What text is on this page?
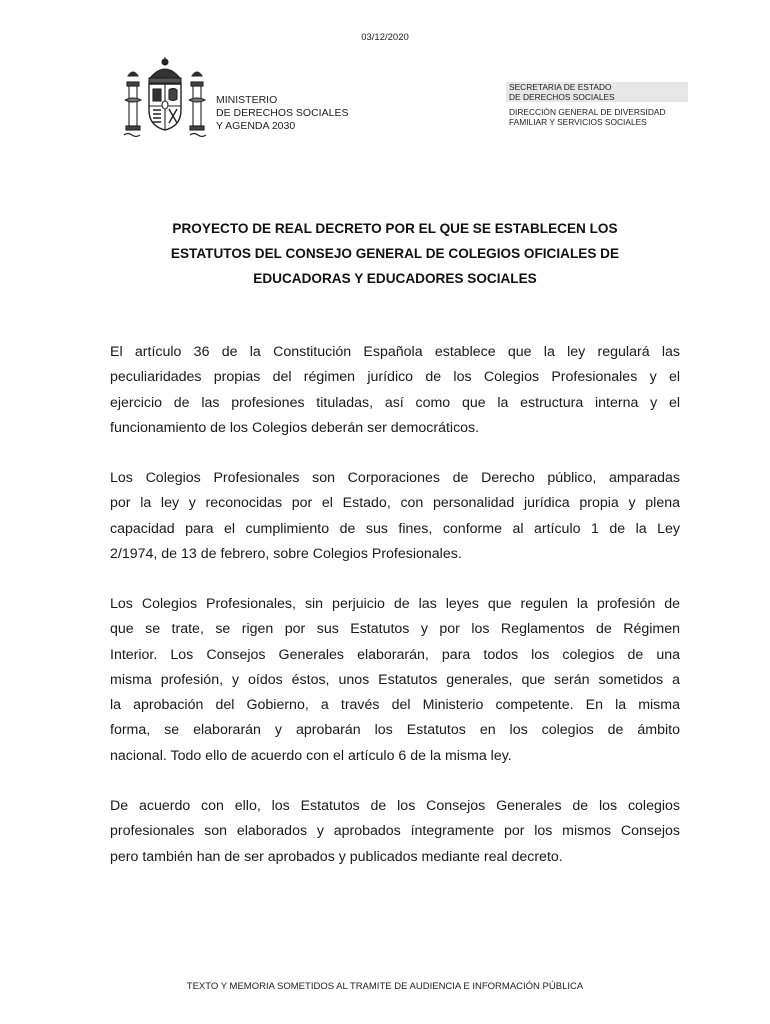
03/12/2020
MINISTERIO
DE DERECHOS SOCIALES
Y AGENDA 2030
SECRETARIA DE ESTADO
DE DERECHOS SOCIALES
DIRECCIÓN GENERAL DE DIVERSIDAD
FAMILIAR Y SERVICIOS SOCIALES
PROYECTO DE REAL DECRETO POR EL QUE SE ESTABLECEN LOS
ESTATUTOS DEL CONSEJO GENERAL DE COLEGIOS OFICIALES DE
EDUCADORAS Y EDUCADORES SOCIALES
El artículo 36 de la Constitución Española establece que la ley regulará las
peculiaridades propias del régimen jurídico de los Colegios Profesionales y el
ejercicio de las profesiones tituladas, así como que la estructura interna y el
funcionamiento de los Colegios deberán ser democráticos.
Los Colegios Profesionales son Corporaciones de Derecho público, amparadas
por la ley y reconocidas por el Estado, con personalidad jurídica propia y plena
capacidad para el cumplimiento de sus fines, conforme al artículo 1 de la Ley
2/1974, de 13 de febrero, sobre Colegios Profesionales.
Los Colegios Profesionales, sin perjuicio de las leyes que regulen la profesión de
que se trate, se rigen por sus Estatutos y por los Reglamentos de Régimen
Interior. Los Consejos Generales elaborarán, para todos los colegios de una
misma profesión, y oídos éstos, unos Estatutos generales, que serán sometidos a
la aprobación del Gobierno, a través del Ministerio competente. En la misma
forma, se elaborarán y aprobarán los Estatutos en los colegios de ámbito
nacional. Todo ello de acuerdo con el artículo 6 de la misma ley.
De acuerdo con ello, los Estatutos de los Consejos Generales de los colegios
profesionales son elaborados y aprobados íntegramente por los mismos Consejos
pero también han de ser aprobados y publicados mediante real decreto.
TEXTO Y MEMORIA SOMETIDOS AL TRAMITE DE AUDIENCIA E INFORMACIÓN PÚBLICA
